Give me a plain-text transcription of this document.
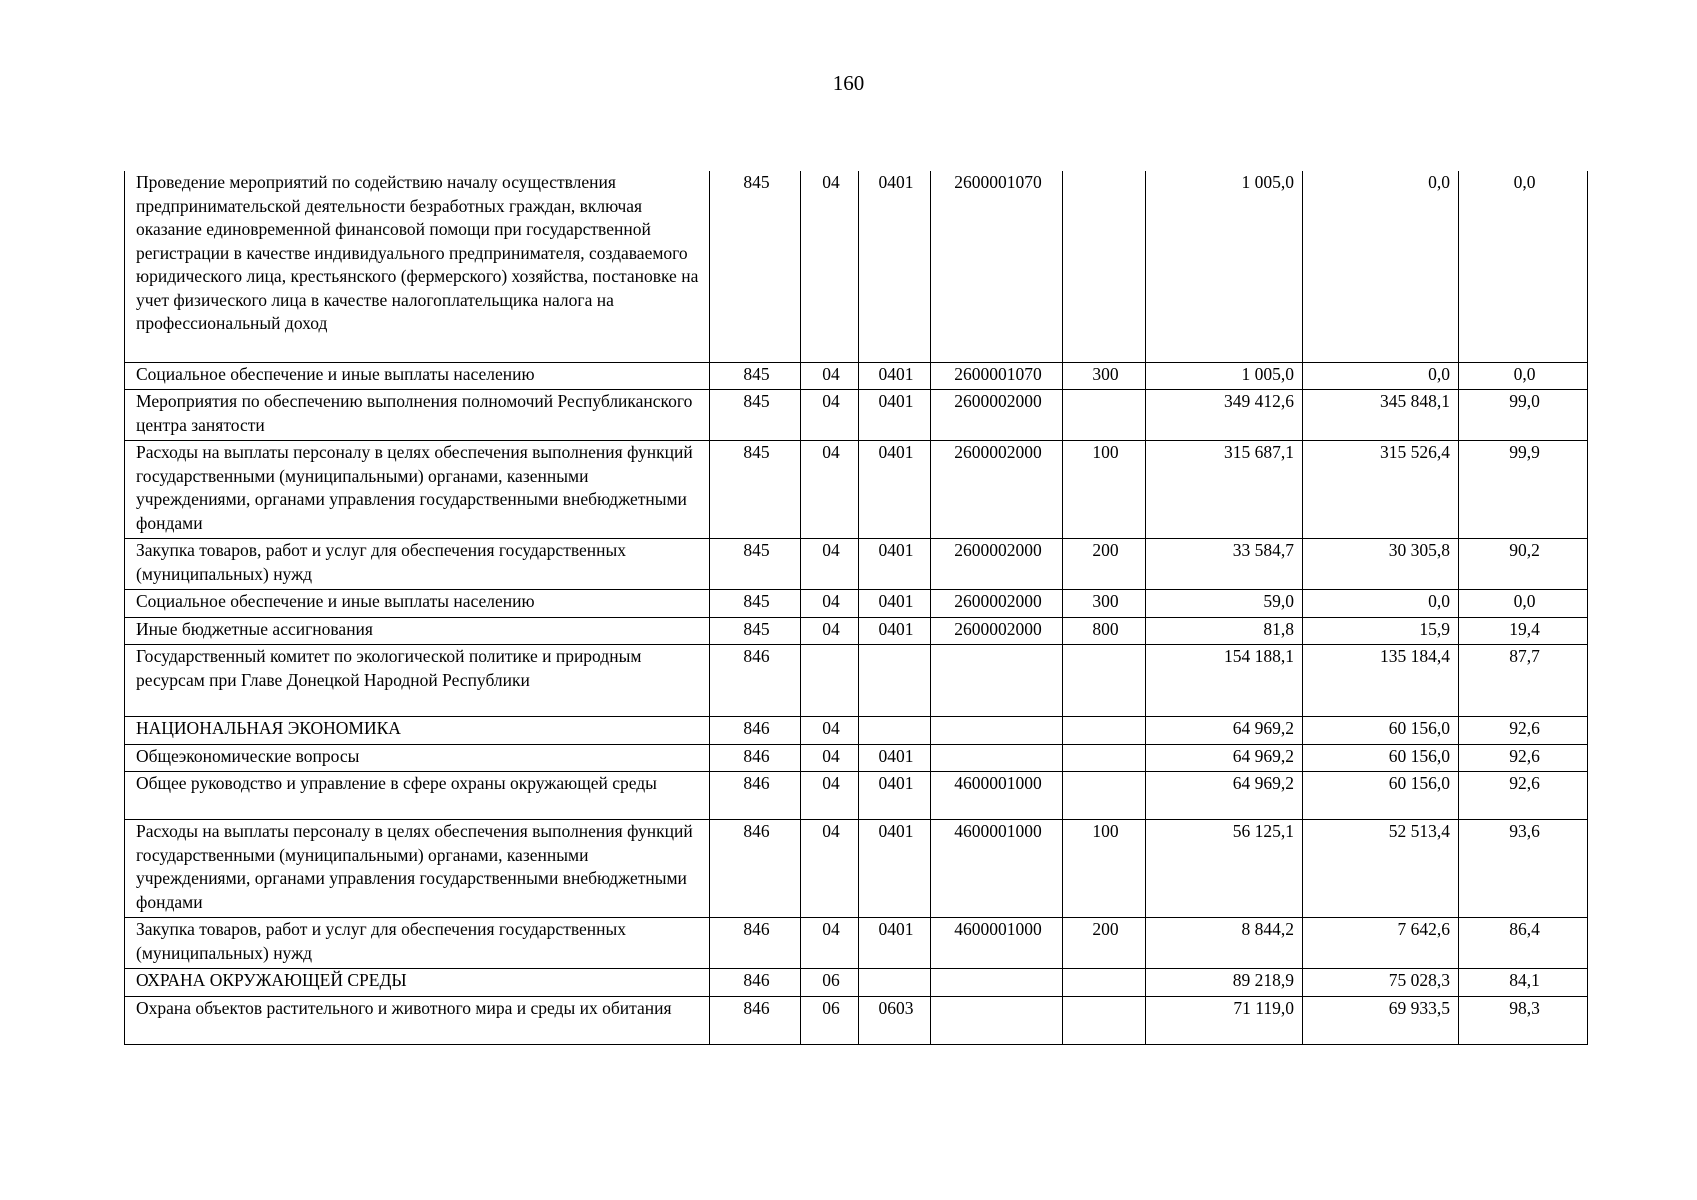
160
Проведение мероприятий по содействию началу осуществления предпринимательской деятельности безработных граждан, включая оказание единовременной финансовой помощи при государственной регистрации в качестве индивидуального предпринимателя, создаваемого юридического лица, крестьянского (фермерского) хозяйства, постановке на учет физического лица в качестве налогоплательщика налога на профессиональный доход	845	04	0401	2600001070		1 005,0	0,0	0,0
Социальное обеспечение и иные выплаты населению	845	04	0401	2600001070	300	1 005,0	0,0	0,0
Мероприятия по обеспечению выполнения полномочий Республиканского центра занятости	845	04	0401	2600002000		349 412,6	345 848,1	99,0
Расходы на выплаты персоналу в целях обеспечения выполнения функций государственными (муниципальными) органами, казенными учреждениями, органами управления государственными внебюджетными фондами	845	04	0401	2600002000	100	315 687,1	315 526,4	99,9
Закупка товаров, работ и услуг для обеспечения государственных (муниципальных) нужд	845	04	0401	2600002000	200	33 584,7	30 305,8	90,2
Социальное обеспечение и иные выплаты населению	845	04	0401	2600002000	300	59,0	0,0	0,0
Иные бюджетные ассигнования	845	04	0401	2600002000	800	81,8	15,9	19,4
Государственный комитет по экологической политике и природным ресурсам при Главе Донецкой Народной Республики	846					154 188,1	135 184,4	87,7
НАЦИОНАЛЬНАЯ ЭКОНОМИКА	846	04				64 969,2	60 156,0	92,6
Общеэкономические вопросы	846	04	0401			64 969,2	60 156,0	92,6
Общее руководство и управление в сфере охраны окружающей среды	846	04	0401	4600001000		64 969,2	60 156,0	92,6
Расходы на выплаты персоналу в целях обеспечения выполнения функций государственными (муниципальными) органами, казенными учреждениями, органами управления государственными внебюджетными фондами	846	04	0401	4600001000	100	56 125,1	52 513,4	93,6
Закупка товаров, работ и услуг для обеспечения государственных (муниципальных) нужд	846	04	0401	4600001000	200	8 844,2	7 642,6	86,4
ОХРАНА ОКРУЖАЮЩЕЙ СРЕДЫ	846	06				89 218,9	75 028,3	84,1
Охрана объектов растительного и животного мира и среды их обитания	846	06	0603			71 119,0	69 933,5	98,3
